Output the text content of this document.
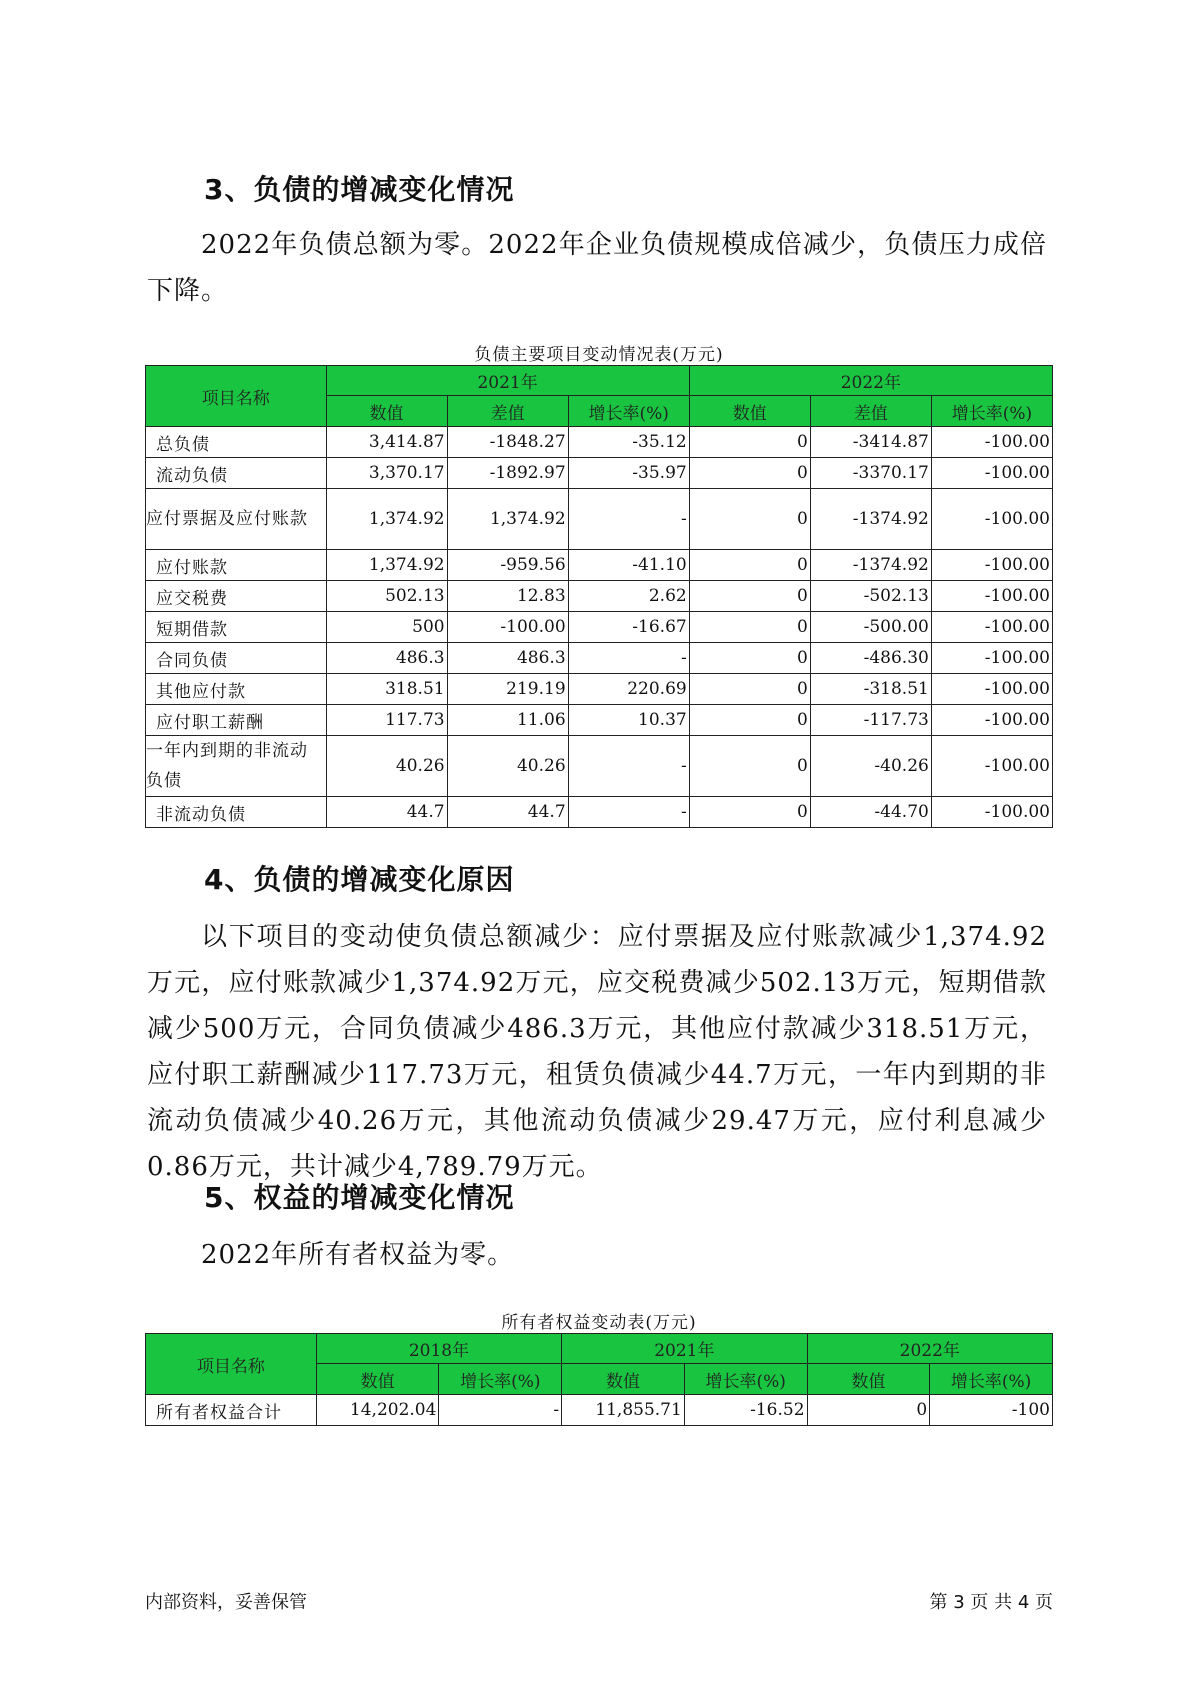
3、负债的增减变化情况

2022年负债总额为零。2022年企业负债规模成倍减少，负债压力成倍下降。

负债主要项目变动情况表(万元)
项目名称	2021年			2022年		
	数值	差值	增长率(%)	数值	差值	增长率(%)
总负债	3,414.87	-1848.27	-35.12	0	-3414.87	-100.00
流动负债	3,370.17	-1892.97	-35.97	0	-3370.17	-100.00
应付票据及应付账款	1,374.92	1,374.92	-	0	-1374.92	-100.00
应付账款	1,374.92	-959.56	-41.10	0	-1374.92	-100.00
应交税费	502.13	12.83	2.62	0	-502.13	-100.00
短期借款	500	-100.00	-16.67	0	-500.00	-100.00
合同负债	486.3	486.3	-	0	-486.30	-100.00
其他应付款	318.51	219.19	220.69	0	-318.51	-100.00
应付职工薪酬	117.73	11.06	10.37	0	-117.73	-100.00
一年内到期的非流动负债	40.26	40.26	-	0	-40.26	-100.00
非流动负债	44.7	44.7	-	0	-44.70	-100.00
4、负债的增减变化原因

以下项目的变动使负债总额减少：应付票据及应付账款减少1,374.92万元，应付账款减少1,374.92万元，应交税费减少502.13万元，短期借款减少500万元，合同负债减少486.3万元，其他应付款减少318.51万元，应付职工薪酬减少117.73万元，租赁负债减少44.7万元，一年内到期的非流动负债减少40.26万元，其他流动负债减少29.47万元，应付利息减少0.86万元，共计减少4,789.79万元。

5、权益的增减变化情况

2022年所有者权益为零。

所有者权益变动表(万元)
项目名称	2018年		2021年		2022年	
	数值	增长率(%)	数值	增长率(%)	数值	增长率(%)
所有者权益合计	14,202.04	-	11,855.71	-16.52	0	-100
内部资料，妥善保管	第 3 页 共 4 页
